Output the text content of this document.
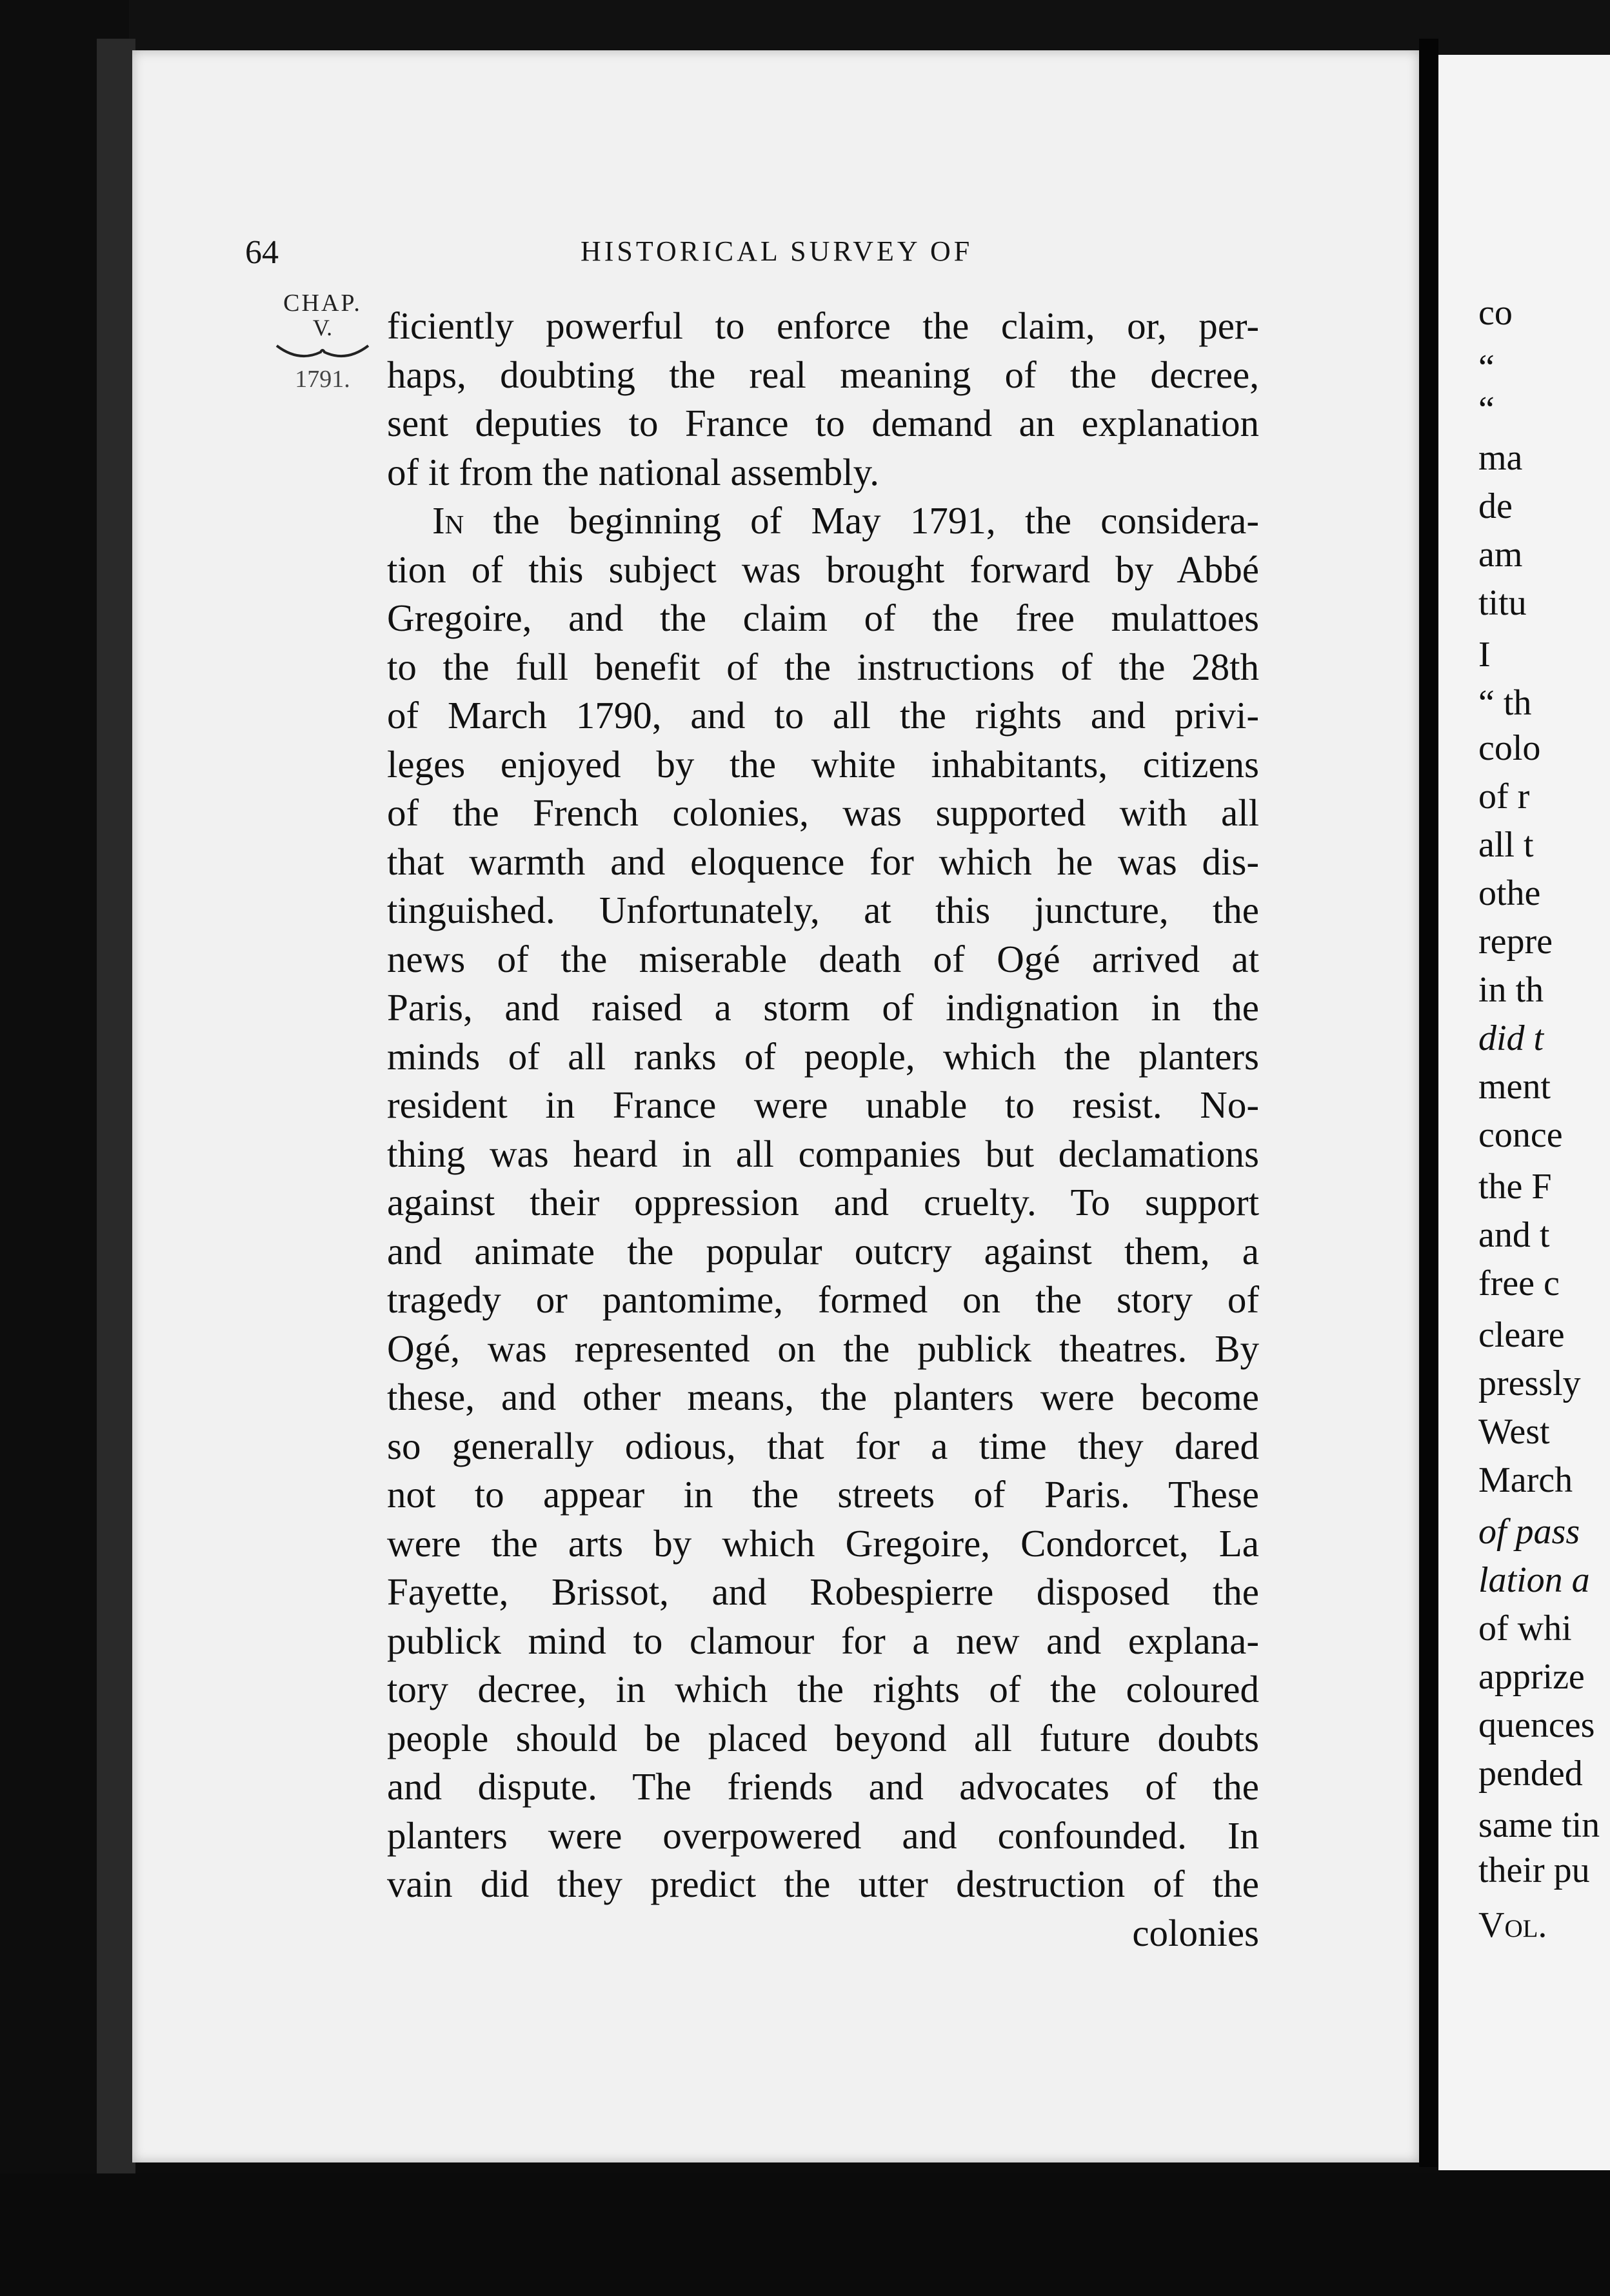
64	HISTORICAL SURVEY OF
CHAP.
V.
1791.
ficiently powerful to enforce the claim, or, per-
haps, doubting the real meaning of the decree,
sent deputies to France to demand an explanation
of it from the national assembly.
In the beginning of May 1791, the considera-
tion of this subject was brought forward by Abbé
Gregoire, and the claim of the free mulattoes
to the full benefit of the instructions of the 28th
of March 1790, and to all the rights and privi-
leges enjoyed by the white inhabitants, citizens
of the French colonies, was supported with all
that warmth and eloquence for which he was dis-
tinguished. Unfortunately, at this juncture, the
news of the miserable death of Ogé arrived at
Paris, and raised a storm of indignation in the
minds of all ranks of people, which the planters
resident in France were unable to resist. No-
thing was heard in all companies but declamations
against their oppression and cruelty. To support
and animate the popular outcry against them, a
tragedy or pantomime, formed on the story of
Ogé, was represented on the publick theatres. By
these, and other means, the planters were become
so generally odious, that for a time they dared
not to appear in the streets of Paris. These
were the arts by which Gregoire, Condorcet, La
Fayette, Brissot, and Robespierre disposed the
publick mind to clamour for a new and explana-
tory decree, in which the rights of the coloured
people should be placed beyond all future doubts
and dispute. The friends and advocates of the
planters were overpowered and confounded. In
vain did they predict the utter destruction of the
colonies
co
“
“
ma
de
am
titu
I
“ th
colo
of r
all t
othe
repre
in th
did t
ment
conce
the F
and t
free c
cleare
pressly
West
March
of pass
lation a
of whi
apprize
quences
pended
same tin
their pu
Vol.
